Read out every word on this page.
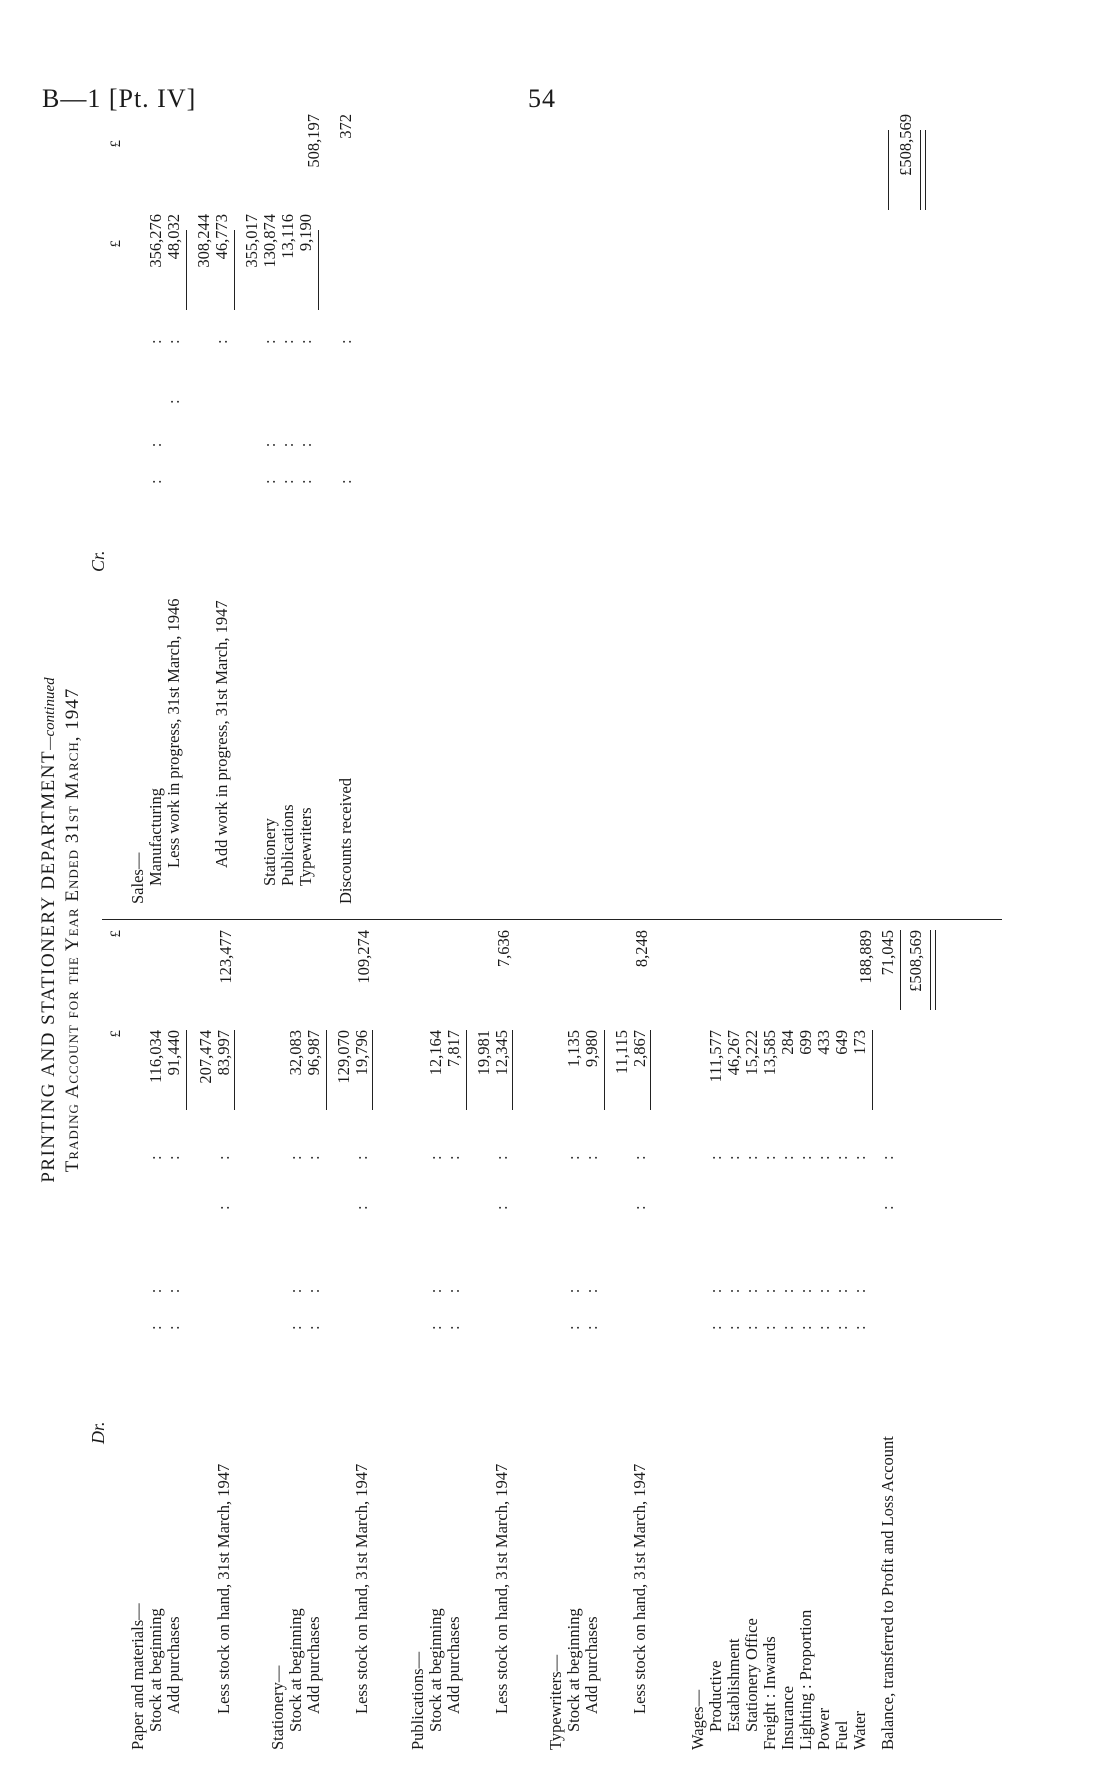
B—1 [Pt. IV]	54
PRINTING AND STATIONERY DEPARTMENT—continued Trading Account for the Year Ended 31st March, 1947
Dr.
Cr.
£
£
Paper and materials— Stock at beginning
: :
:
116,034
Add purchases
: :
:
91,440 207,474
Less stock on hand, 31st March, 1947
:
:
83,997
123,477
Stationery— Stock at beginning
: :
:
32,083
Add purchases
: :
:
96,987 129,070
Less stock on hand, 31st March, 1947
:
:
19,796
109,274
Publications— Stock at beginning
: :
:
12,164
Add purchases
: :
:
7,817 19,981
Less stock on hand, 31st March, 1947
:
:
12,345
7,636
Typewriters— Stock at beginning
: :
:
1,135
Add purchases
: :
:
9,980 11,115
Less stock on hand, 31st March, 1947
:
:
2,867
8,248
Wages— Productive
: :
:
111,577
Establishment
: :
:
46,267
Stationery Office
: :
:
15,222
Freight : Inwards
: :
:
13,585
Insurance
: :
:
284
Lighting : Proportion
: :
:
699
Power
: :
:
433
Fuel
: :
:
649
Water
: :
:
173
188,889
Balance, transferred to Profit and Loss Account
:
:
71,045 £508,569
£
£
Sales— Manufacturing
: :
:
356,276
Less work in progress, 31st March, 1946
:
:
48,032 308,244
Add work in progress, 31st March, 1947
:
46,773 355,017
Stationery
: :
:
130,874
Publications
: :
:
13,116
Typewriters
: :
:
9,190
508,197
Discounts received
:
:
372	£508,569
